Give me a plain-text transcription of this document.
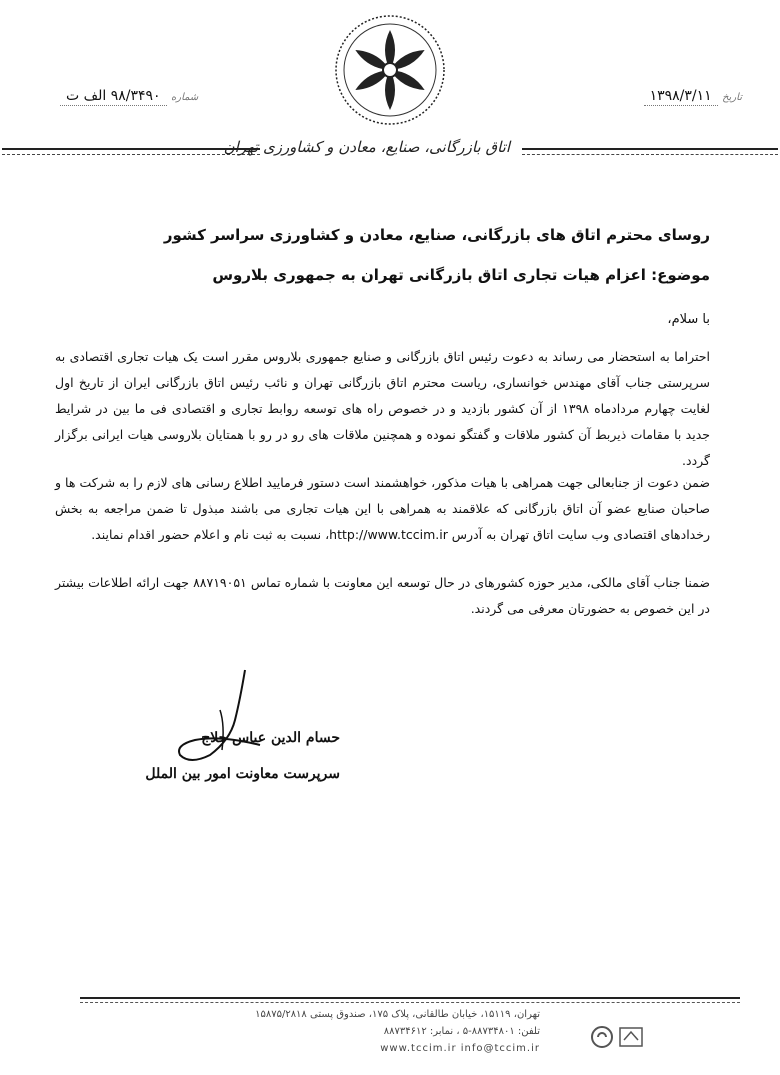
تاریخ ۱۳۹۸/۳/۱۱
شماره ۹۸/۳۴۹۰ الف ت
اتاق بازرگانی، صنایع، معادن و کشاورزی تهران
روسای محترم اتاق های بازرگانی، صنایع، معادن و کشاورزی سراسر کشور
موضوع: اعزام هیات تجاری اتاق بازرگانی تهران به جمهوری بلاروس
با سلام،
احتراما به استحضار می رساند به دعوت رئیس اتاق بازرگانی و صنایع جمهوری بلاروس مقرر است یک هیات تجاری اقتصادی به سرپرستی جناب آقای مهندس خوانساری، ریاست محترم اتاق بازرگانی تهران و نائب رئیس اتاق بازرگانی ایران از تاریخ اول لغایت چهارم مردادماه ۱۳۹۸ از آن کشور بازدید و در خصوص راه های توسعه روابط تجاری و اقتصادی فی ما بین در شرایط جدید با مقامات ذیربط آن کشور ملاقات و گفتگو نموده و همچنین ملاقات های رو در رو با همتایان بلاروسی هیات ایرانی برگزار گردد.
ضمن دعوت از جنابعالی جهت همراهی با هیات مذکور، خواهشمند است دستور فرمایید اطلاع رسانی های لازم را به شرکت ها و صاحبان صنایع عضو آن اتاق بازرگانی که علاقمند به همراهی با این هیات تجاری می باشند مبذول تا ضمن مراجعه به بخش رخدادهای اقتصادی وب سایت اتاق تهران به آدرس http://www.tccim.ir، نسبت به ثبت نام و اعلام حضور اقدام نمایند.
ضمنا جناب آقای مالکی، مدیر حوزه کشورهای در حال توسعه این معاونت با شماره تماس ۸۸۷۱۹۰۵۱ جهت ارائه اطلاعات بیشتر در این خصوص به حضورتان معرفی می گردند.
حسام الدین عباس حلاج
سرپرست معاونت امور بین الملل
تهران، ۱۵۱۱۹، خیابان طالقانی، پلاک ۱۷۵، صندوق پستی ۱۵۸۷۵/۲۸۱۸
تلفن: ۸۸۷۳۴۸۰۱-۵ ، نمابر: ۸۸۷۳۴۶۱۲
www.tccim.ir info@tccim.ir
